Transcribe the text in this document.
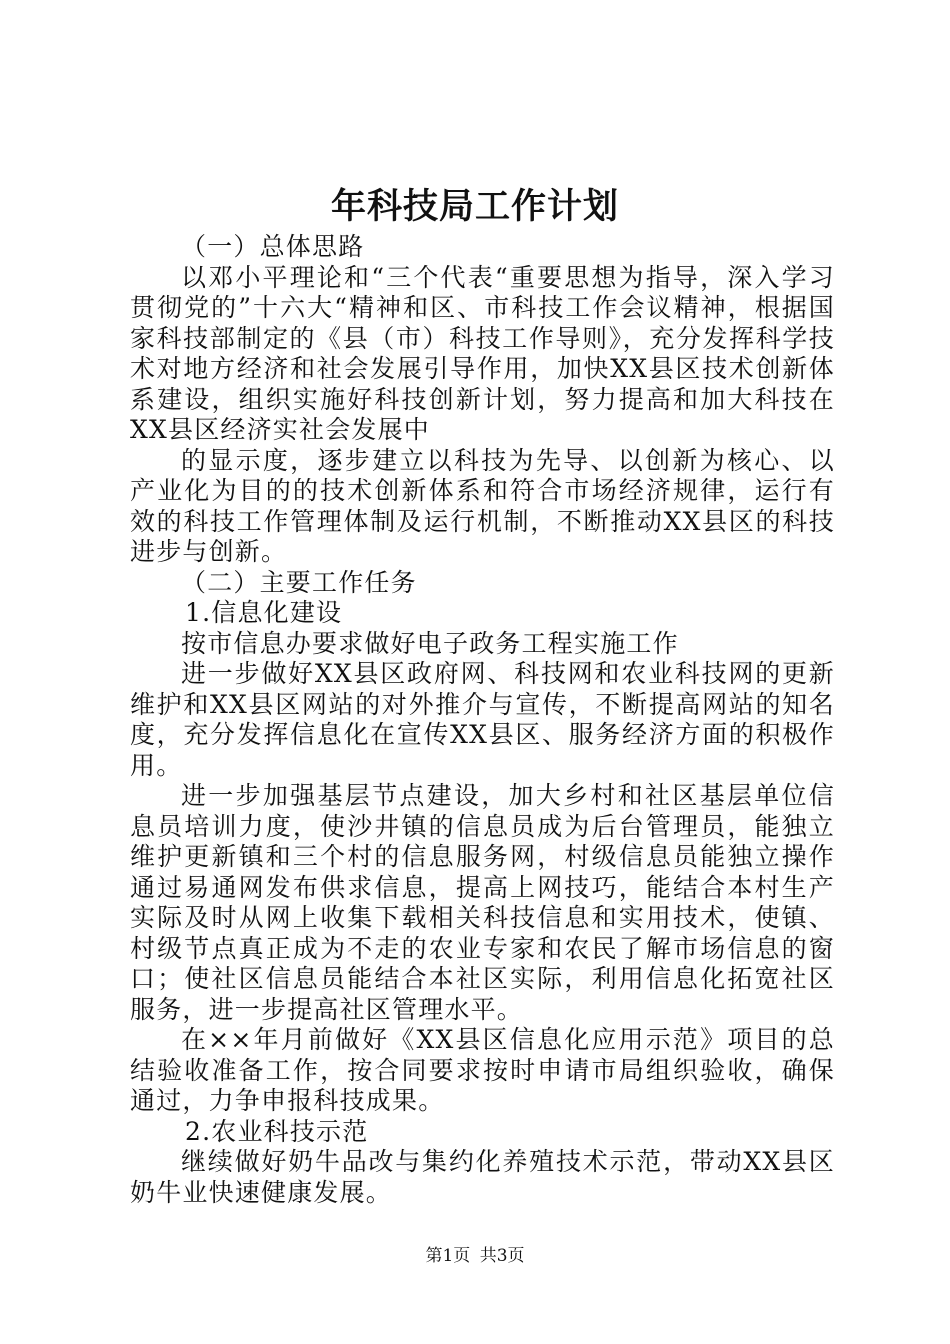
年科技局工作计划

（一）总体思路

以邓小平理论和“三个代表“重要思想为指导，深入学习贯彻党的”十六大“精神和区、市科技工作会议精神，根据国家科技部制定的《县（市）科技工作导则》，充分发挥科学技术对地方经济和社会发展引导作用，加快XX县区技术创新体系建设，组织实施好科技创新计划，努力提高和加大科技在XX县区经济实社会发展中

的显示度，逐步建立以科技为先导、以创新为核心、以产业化为目的的技术创新体系和符合市场经济规律，运行有效的科技工作管理体制及运行机制，不断推动XX县区的科技进步与创新。

（二）主要工作任务

1.信息化建设

按市信息办要求做好电子政务工程实施工作

进一步做好XX县区政府网、科技网和农业科技网的更新维护和XX县区网站的对外推介与宣传，不断提高网站的知名度，充分发挥信息化在宣传XX县区、服务经济方面的积极作用。

进一步加强基层节点建设，加大乡村和社区基层单位信息员培训力度，使沙井镇的信息员成为后台管理员，能独立维护更新镇和三个村的信息服务网，村级信息员能独立操作通过易通网发布供求信息，提高上网技巧，能结合本村生产实际及时从网上收集下载相关科技信息和实用技术，使镇、村级节点真正成为不走的农业专家和农民了解市场信息的窗口；使社区信息员能结合本社区实际，利用信息化拓宽社区服务，进一步提高社区管理水平。

在××年月前做好《XX县区信息化应用示范》项目的总结验收准备工作，按合同要求按时申请市局组织验收，确保通过，力争申报科技成果。

2.农业科技示范

继续做好奶牛品改与集约化养殖技术示范，带动XX县区奶牛业快速健康发展。

第1页 共3页
